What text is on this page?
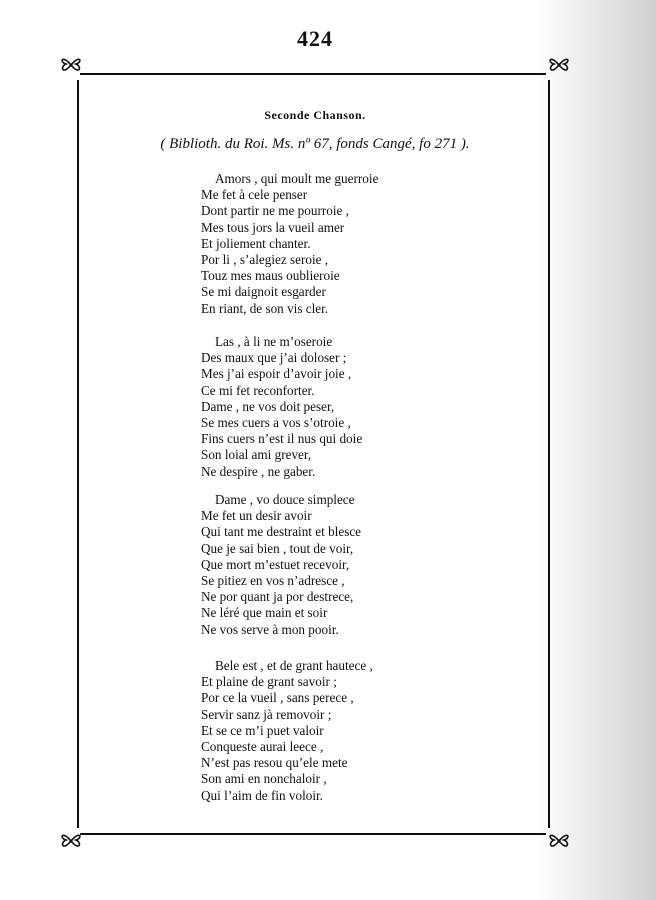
424
Seconde Chanson.
( Biblioth. du Roi. Ms. nº 67, fonds Cangé, fo 271 ).
Amors , qui moult me guerroie
Me fet à cele penser
Dont partir ne me pourroie ,
Mes tous jors la vueil amer
Et joliement chanter.
Por li , s’alegiez seroie ,
Touz mes maus oublieroie
Se mi daignoit esgarder
En riant, de son vis cler.
Las , à li ne m’oseroie
Des maux que j’ai doloser ;
Mes j’ai espoir d’avoir joie ,
Ce mi fet reconforter.
Dame , ne vos doit peser,
Se mes cuers a vos s’otroie ,
Fins cuers n’est il nus qui doie
Son loial ami grever,
Ne despire , ne gaber.
Dame , vo douce simplece
Me fet un desir avoir
Qui tant me destraint et blesce
Que je sai bien , tout de voir,
Que mort m’estuet recevoir,
Se pitiez en vos n’adresce ,
Ne por quant ja por destrece,
Ne léré que main et soir
Ne vos serve à mon pooir.
Bele est , et de grant hautece ,
Et plaine de grant savoir ;
Por ce la vueil , sans perece ,
Servir sanz jà removoir ;
Et se ce m’i puet valoir
Conqueste aurai leece ,
N’est pas resou qu’ele mete
Son ami en nonchaloir ,
Qui l’aim de fin voloir.
